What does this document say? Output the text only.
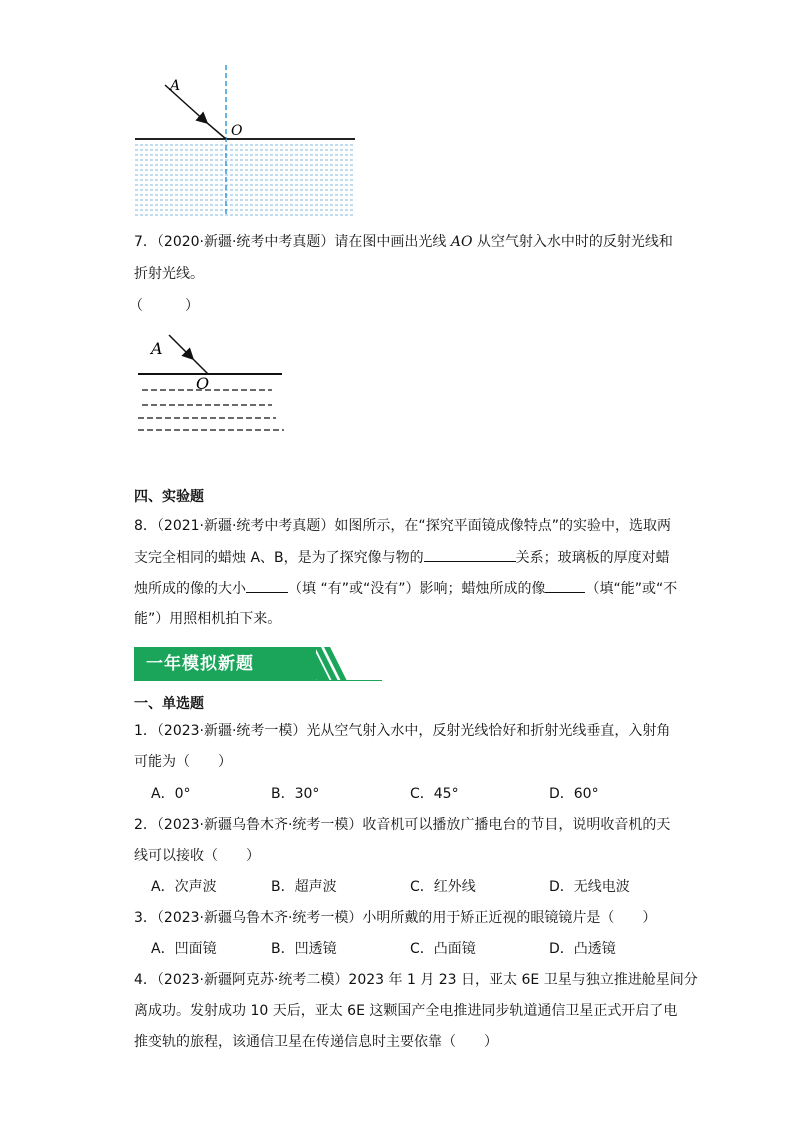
A
O
7．（2020·新疆·统考中考真题）请在图中画出光线 AO 从空气射入水中时的反射光线和
折射光线。
（　　　）
A
O
四、实验题
8．（2021·新疆·统考中考真题）如图所示，在“探究平面镜成像特点”的实验中，选取两
支完全相同的蜡烛 A、B，是为了探究像与物的	关系；玻璃板的厚度对蜡
烛所成的像的大小	（填 “有”或“没有”）影响；蜡烛所成的像	（填“能”或“不
能”）用照相机拍下来。
一年模拟新题
一、单选题
1．（2023·新疆·统考一模）光从空气射入水中，反射光线恰好和折射光线垂直，入射角
可能为（　　）
A．0°	B．30°	C．45°	D．60°
2．（2023·新疆乌鲁木齐·统考一模）收音机可以播放广播电台的节目，说明收音机的天
线可以接收（　　）
A．次声波	B．超声波	C．红外线	D．无线电波
3．（2023·新疆乌鲁木齐·统考一模）小明所戴的用于矫正近视的眼镜镜片是（　　）
A．凹面镜	B．凹透镜	C．凸面镜	D．凸透镜
4．（2023·新疆阿克苏·统考二模）2023 年 1 月 23 日，亚太 6E 卫星与独立推进舱星间分
离成功。发射成功 10 天后，亚太 6E 这颗国产全电推进同步轨道通信卫星正式开启了电
推变轨的旅程，该通信卫星在传递信息时主要依靠（　　）
